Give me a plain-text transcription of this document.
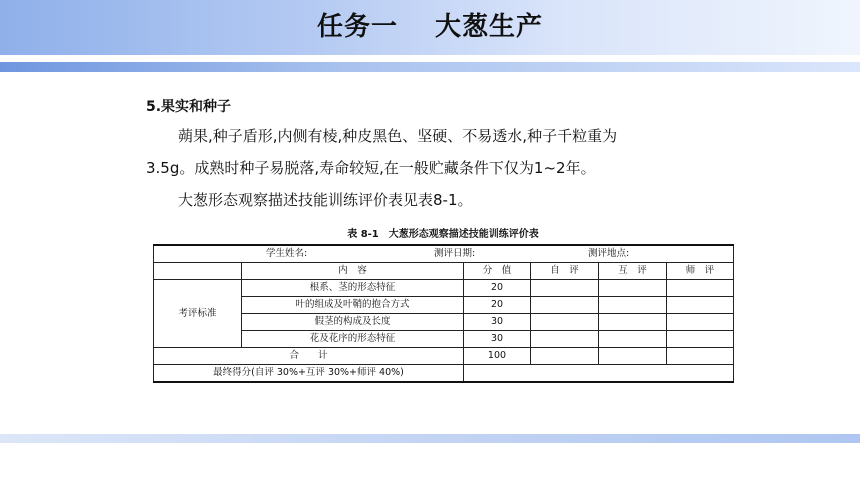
任务一　 大葱生产

5.果实和种子

蒴果,种子盾形,内侧有棱,种皮黑色、坚硬、不易透水,种子千粒重为

3.5g。成熟时种子易脱落,寿命较短,在一般贮藏条件下仅为1~2年。

大葱形态观察描述技能训练评价表见表8-1。

表 8-1　大葱形态观察描述技能训练评价表
学生姓名: 测评日期: 测评地点:					

	内　容	分　值	自　评	互　评	师　评
考评标准	根系、茎的形态特征	20			
	叶的组成及叶鞘的抱合方式	20			
	假茎的构成及长度	30			
	花及花序的形态特征	30			
合　　计		100			
最终得分(自评 30%+互评 30%+师评 40%)					
